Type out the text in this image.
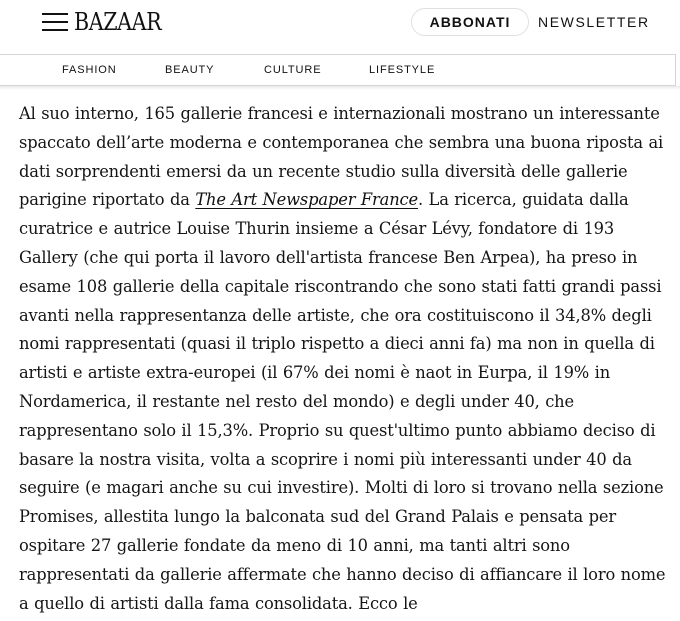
BAZAAR	ABBONATI	NEWSLETTER
FASHION	BEAUTY	CULTURE	LIFESTYLE

Al suo interno, 165 gallerie francesi e internazionali mostrano un interessante spaccato dell’arte moderna e contemporanea che sembra una buona riposta ai dati sorprendenti emersi da un recente studio sulla diversità delle gallerie parigine riportato da The Art Newspaper France. La ricerca, guidata dalla curatrice e autrice Louise Thurin insieme a César Lévy, fondatore di 193 Gallery (che qui porta il lavoro dell'artista francese Ben Arpea), ha preso in esame 108 gallerie della capitale riscontrando che sono stati fatti grandi passi avanti nella rappresentanza delle artiste, che ora costituiscono il 34,8% degli nomi rappresentati (quasi il triplo rispetto a dieci anni fa) ma non in quella di artisti e artiste extra-europei (il 67% dei nomi è naot in Eurpa, il 19% in Nordamerica, il restante nel resto del mondo) e degli under 40, che rappresentano solo il 15,3%. Proprio su quest'ultimo punto abbiamo deciso di basare la nostra visita, volta a scoprire i nomi più interessanti under 40 da seguire (e magari anche su cui investire). Molti di loro si trovano nella sezione Promises, allestita lungo la balconata sud del Grand Palais e pensata per ospitare 27 gallerie fondate da meno di 10 anni, ma tanti altri sono rappresentati da gallerie affermate che hanno deciso di affiancare il loro nome a quello di artisti dalla fama consolidata. Ecco le
